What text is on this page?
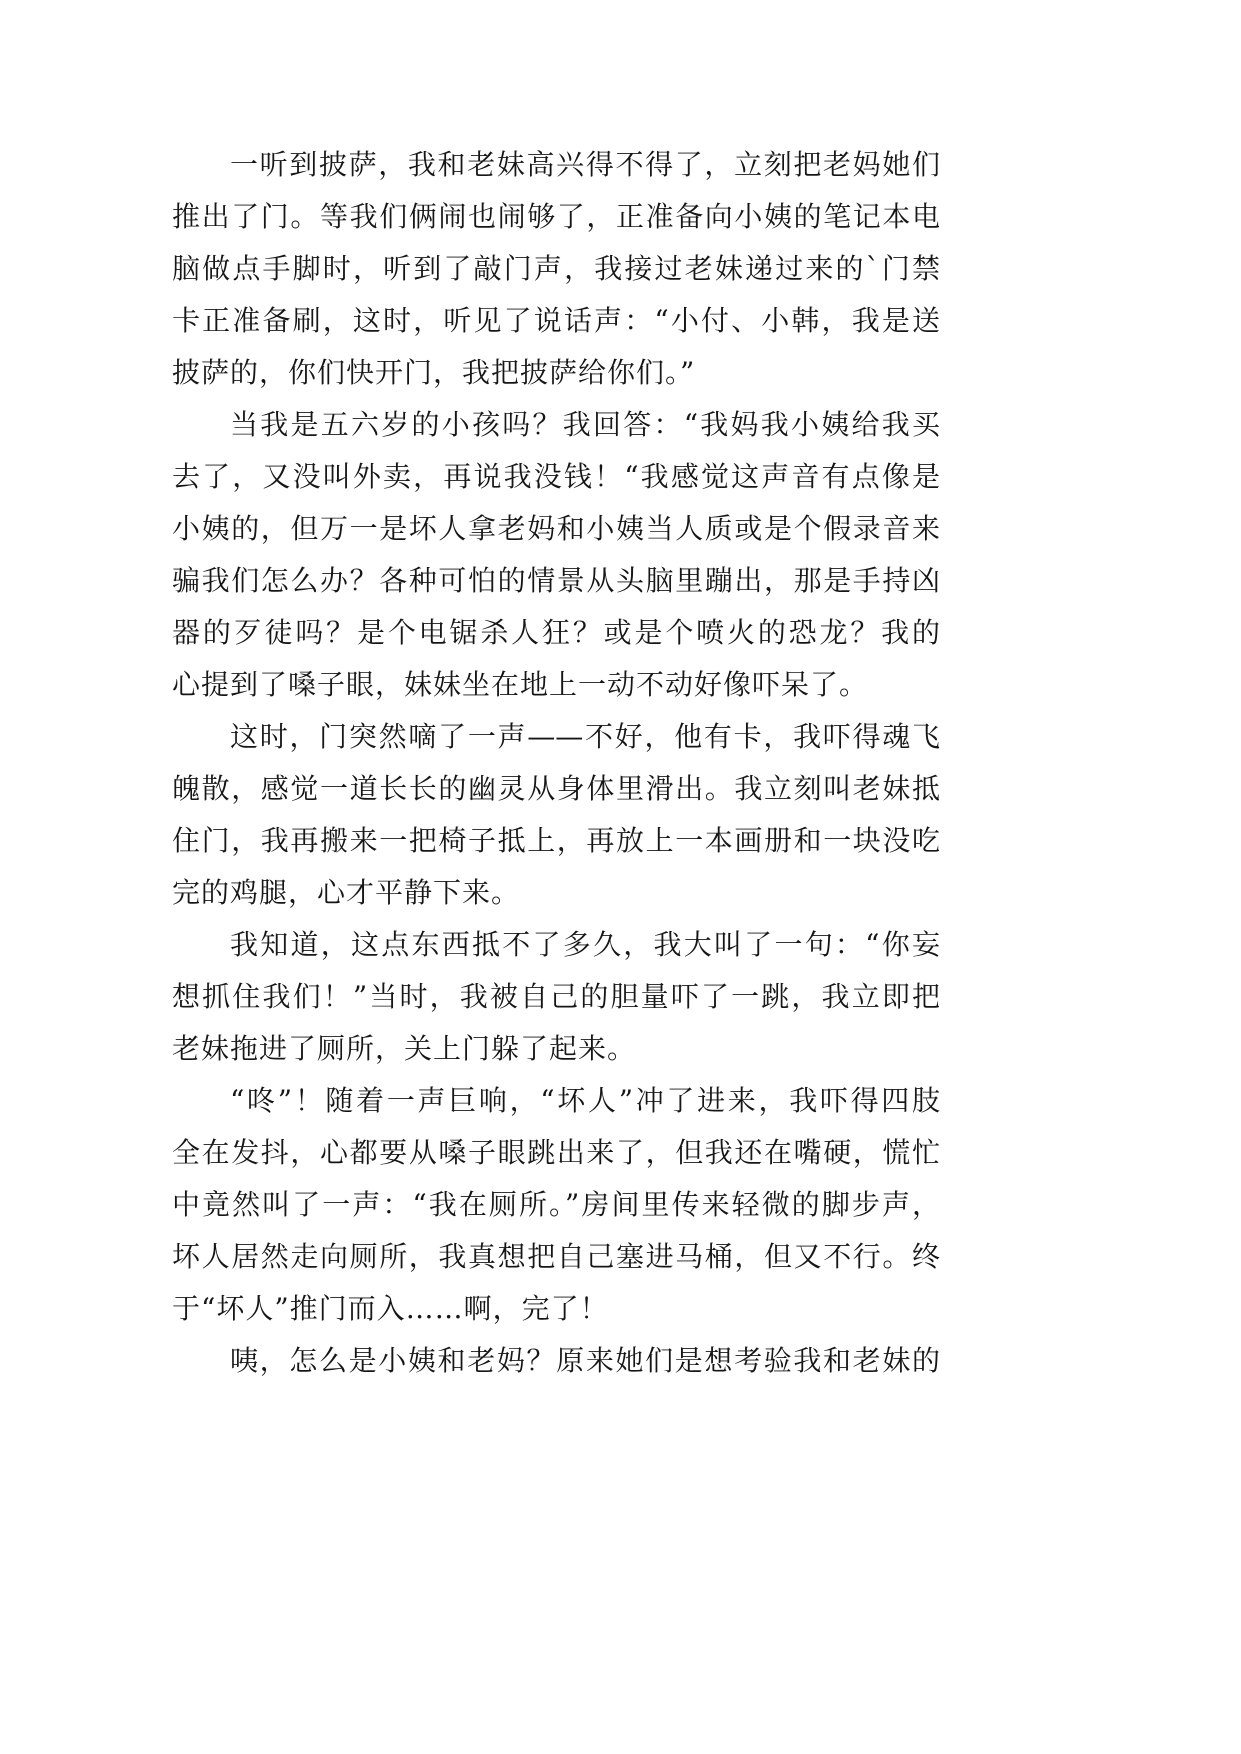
一听到披萨，我和老妹高兴得不得了，立刻把老妈她们
推出了门。等我们俩闹也闹够了，正准备向小姨的笔记本电
脑做点手脚时，听到了敲门声，我接过老妹递过来的`门禁
卡正准备刷，这时，听见了说话声：“小付、小韩，我是送
披萨的，你们快开门，我把披萨给你们。”
当我是五六岁的小孩吗？我回答：“我妈我小姨给我买
去了，又没叫外卖，再说我没钱！“我感觉这声音有点像是
小姨的，但万一是坏人拿老妈和小姨当人质或是个假录音来
骗我们怎么办？各种可怕的情景从头脑里蹦出，那是手持凶
器的歹徒吗？是个电锯杀人狂？或是个喷火的恐龙？我的
心提到了嗓子眼，妹妹坐在地上一动不动好像吓呆了。
这时，门突然嘀了一声——不好，他有卡，我吓得魂飞
魄散，感觉一道长长的幽灵从身体里滑出。我立刻叫老妹抵
住门，我再搬来一把椅子抵上，再放上一本画册和一块没吃
完的鸡腿，心才平静下来。
我知道，这点东西抵不了多久，我大叫了一句：“你妄
想抓住我们！”当时，我被自己的胆量吓了一跳，我立即把
老妹拖进了厕所，关上门躲了起来。
“咚”！随着一声巨响，“坏人”冲了进来，我吓得四肢
全在发抖，心都要从嗓子眼跳出来了，但我还在嘴硬，慌忙
中竟然叫了一声：“我在厕所。”房间里传来轻微的脚步声，
坏人居然走向厕所，我真想把自己塞进马桶，但又不行。终
于“坏人”推门而入……啊，完了！
咦，怎么是小姨和老妈？原来她们是想考验我和老妹的
